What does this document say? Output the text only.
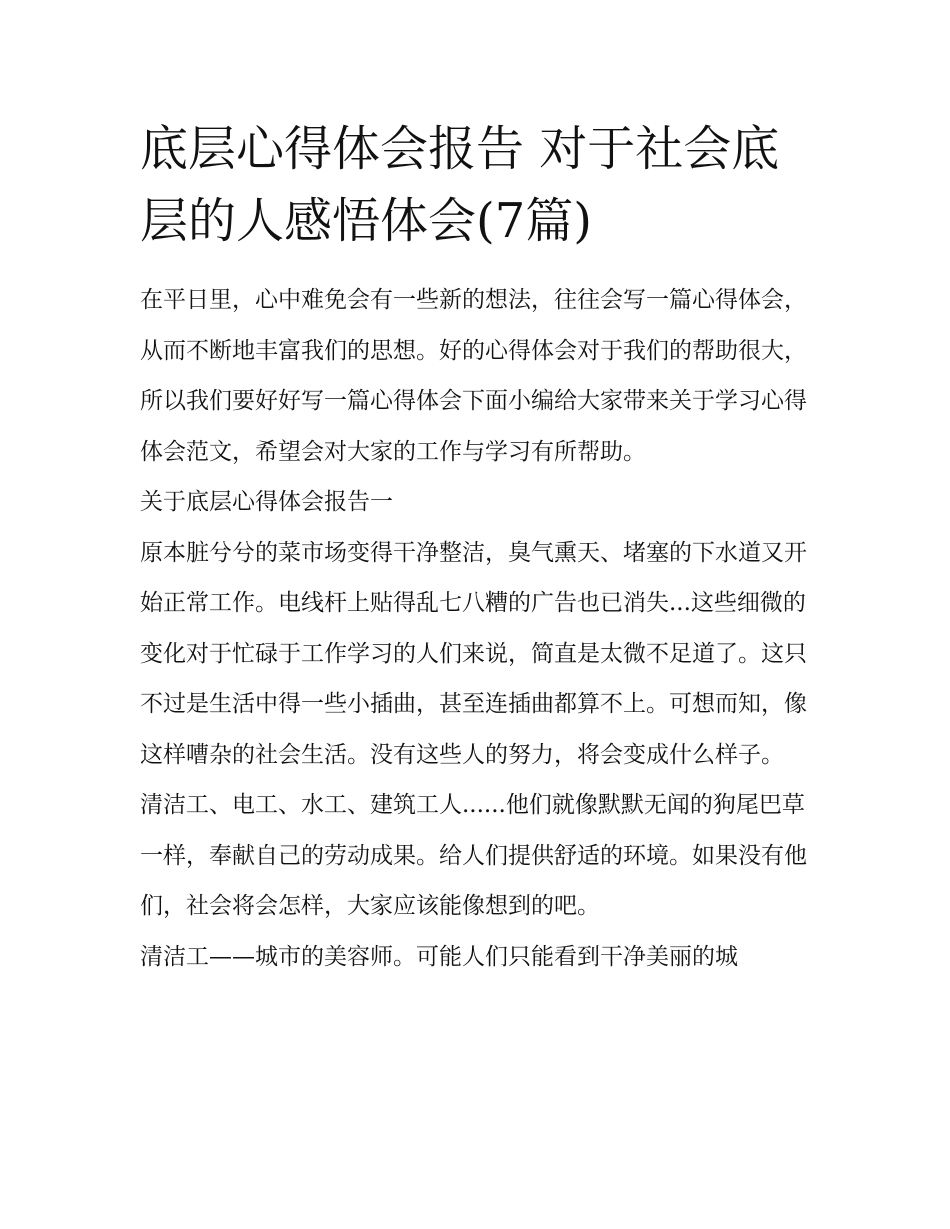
底层心得体会报告 对于社会底层的人感悟体会(7篇)

在平日里，心中难免会有一些新的想法，往往会写一篇心得体会，从而不断地丰富我们的思想。好的心得体会对于我们的帮助很大，所以我们要好好写一篇心得体会下面小编给大家带来关于学习心得体会范文，希望会对大家的工作与学习有所帮助。

关于底层心得体会报告一

原本脏兮兮的菜市场变得干净整洁，臭气熏天、堵塞的下水道又开始正常工作。电线杆上贴得乱七八糟的广告也已消失...这些细微的变化对于忙碌于工作学习的人们来说，简直是太微不足道了。这只不过是生活中得一些小插曲，甚至连插曲都算不上。可想而知，像这样嘈杂的社会生活。没有这些人的努力，将会变成什么样子。

清洁工、电工、水工、建筑工人......他们就像默默无闻的狗尾巴草一样，奉献自己的劳动成果。给人们提供舒适的环境。如果没有他们，社会将会怎样，大家应该能像想到的吧。

清洁工——城市的美容师。可能人们只能看到干净美丽的城
